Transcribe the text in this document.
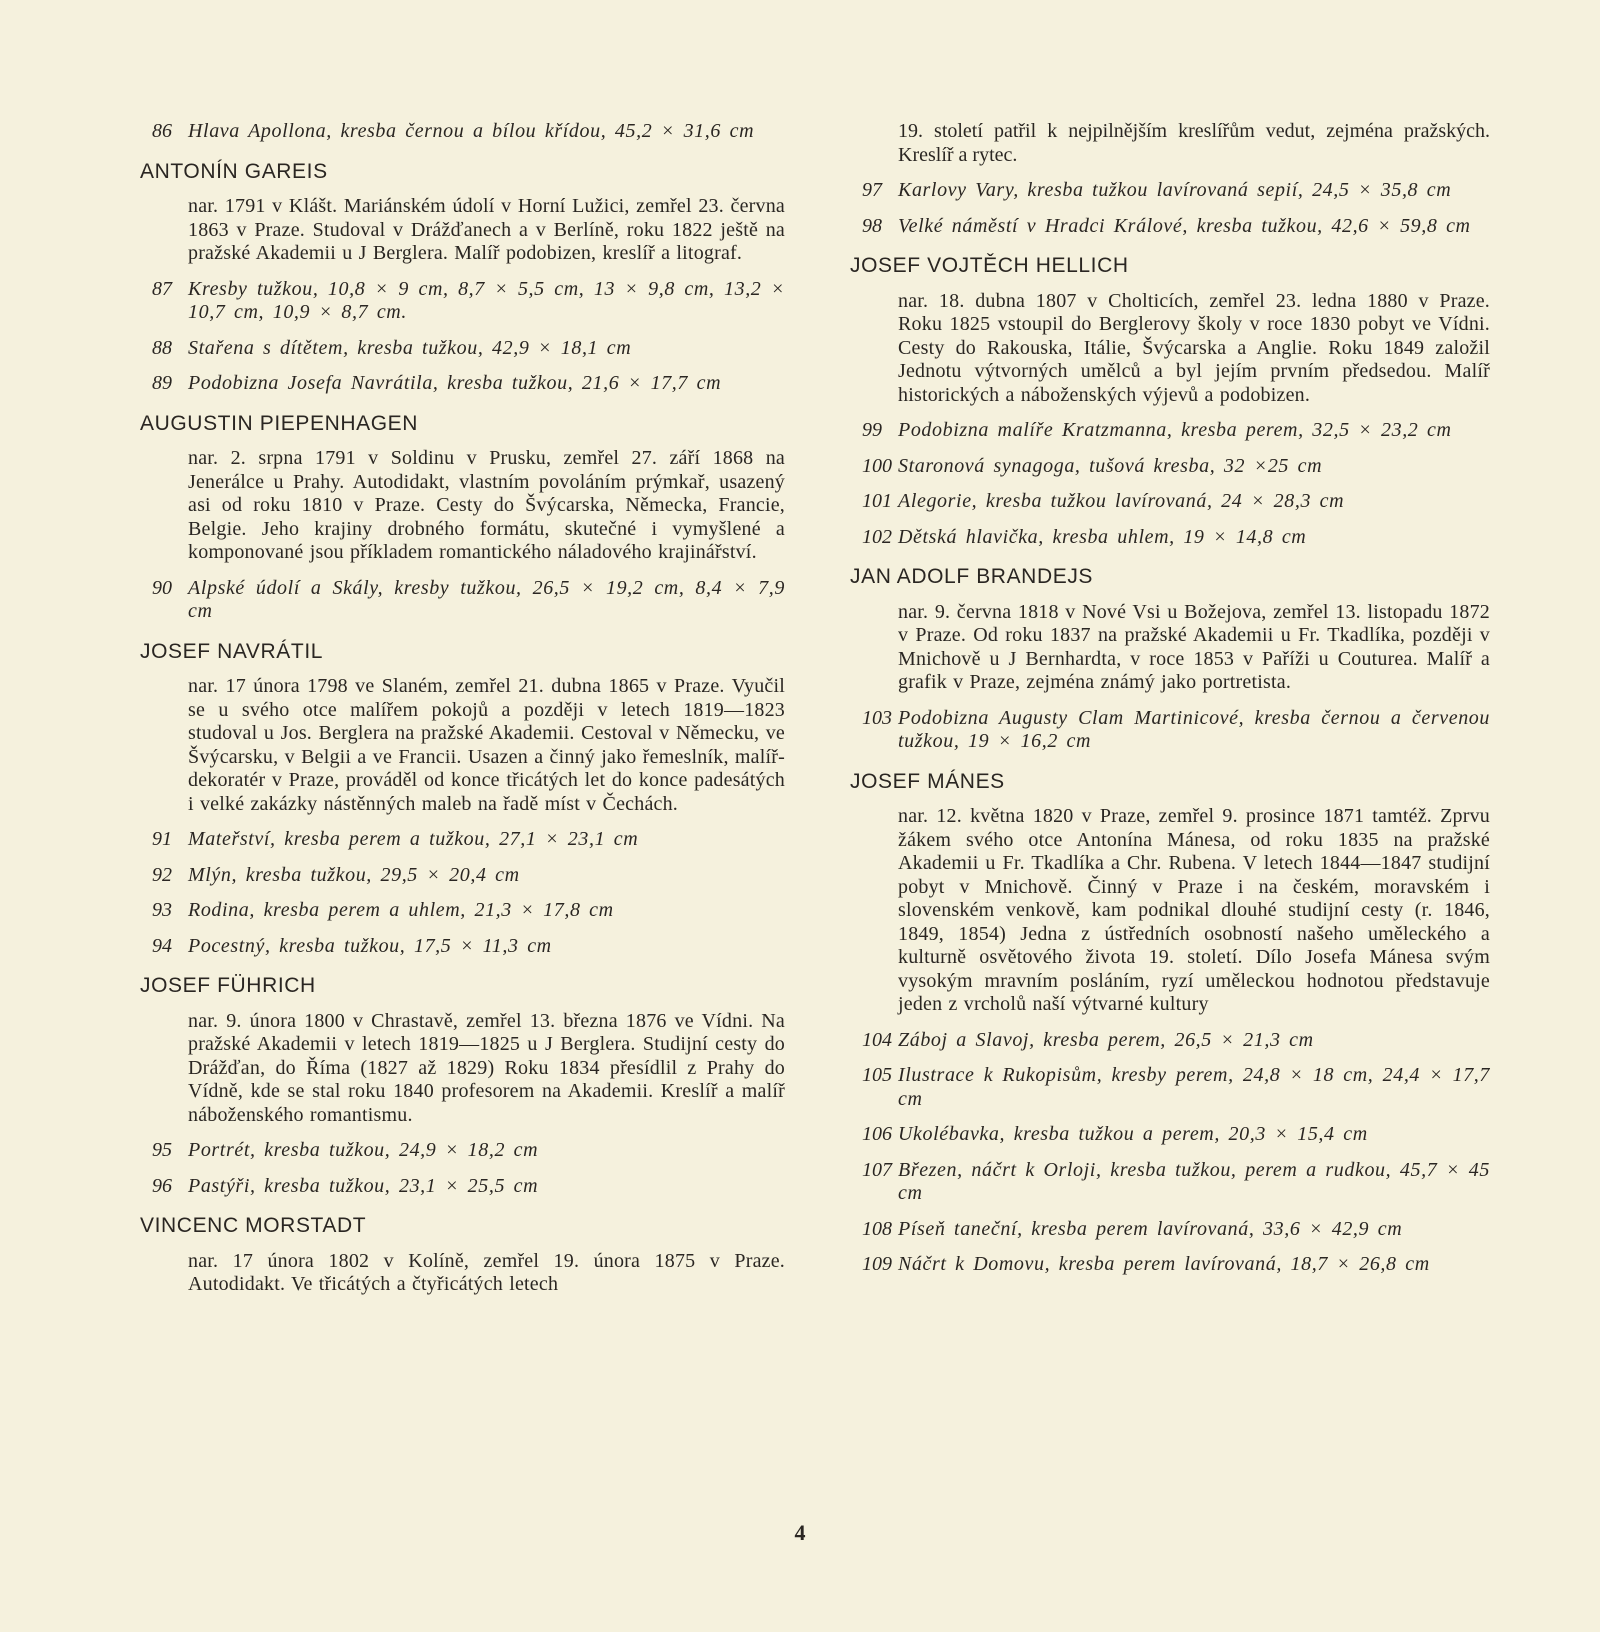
86 Hlava Apollona, kresba černou a bílou křídou, 45,2 × 31,6 cm
ANTONÍN GAREIS
nar. 1791 v Klášt. Mariánském údolí v Horní Lužici, zemřel 23. června 1863 v Praze. Studoval v Drážďanech a v Berlíně, roku 1822 ještě na pražské Akademii u J Berglera. Malíř podobizen, kreslíř a litograf.
87 Kresby tužkou, 10,8 × 9 cm, 8,7 × 5,5 cm, 13 × 9,8 cm, 13,2 × 10,7 cm, 10,9 × 8,7 cm.
88 Stařena s dítětem, kresba tužkou, 42,9 × 18,1 cm
89 Podobizna Josefa Navrátila, kresba tužkou, 21,6 × 17,7 cm
AUGUSTIN PIEPENHAGEN
nar. 2. srpna 1791 v Soldinu v Prusku, zemřel 27. září 1868 na Jenerálce u Prahy. Autodidakt, vlastním povoláním prýmkař, usazený asi od roku 1810 v Praze. Cesty do Švýcarska, Německa, Francie, Belgie. Jeho krajiny drobného formátu, skutečné i vymyšlené a komponované jsou příkladem romantického náladového krajinářství.
90 Alpské údolí a Skály, kresby tužkou, 26,5 × 19,2 cm, 8,4 × 7,9 cm
JOSEF NAVRÁTIL
nar. 17 února 1798 ve Slaném, zemřel 21. dubna 1865 v Praze. Vyučil se u svého otce malířem pokojů a později v letech 1819—1823 studoval u Jos. Berglera na pražské Akademii. Cestoval v Německu, ve Švýcarsku, v Belgii a ve Francii. Usazen a činný jako řemeslník, malíř-dekoratér v Praze, prováděl od konce třicátých let do konce padesátých i velké zakázky nástěnných maleb na řadě míst v Čechách.
91 Mateřství, kresba perem a tužkou, 27,1 × 23,1 cm
92 Mlýn, kresba tužkou, 29,5 × 20,4 cm
93 Rodina, kresba perem a uhlem, 21,3 × 17,8 cm
94 Pocestný, kresba tužkou, 17,5 × 11,3 cm
JOSEF FÜHRICH
nar. 9. února 1800 v Chrastavě, zemřel 13. března 1876 ve Vídni. Na pražské Akademii v letech 1819—1825 u J Berglera. Studijní cesty do Drážďan, do Říma (1827 až 1829) Roku 1834 přesídlil z Prahy do Vídně, kde se stal roku 1840 profesorem na Akademii. Kreslíř a malíř náboženského romantismu.
95 Portrét, kresba tužkou, 24,9 × 18,2 cm
96 Pastýři, kresba tužkou, 23,1 × 25,5 cm
VINCENC MORSTADT
nar. 17 února 1802 v Kolíně, zemřel 19. února 1875 v Praze. Autodidakt. Ve třicátých a čtyřicátých letech
19. století patřil k nejpilnějším kreslířům vedut, zejména pražských. Kreslíř a rytec.
97 Karlovy Vary, kresba tužkou lavírovaná sepií, 24,5 × 35,8 cm
98 Velké náměstí v Hradci Králové, kresba tužkou, 42,6 × 59,8 cm
JOSEF VOJTĚCH HELLICH
nar. 18. dubna 1807 v Cholticích, zemřel 23. ledna 1880 v Praze. Roku 1825 vstoupil do Berglerovy školy v roce 1830 pobyt ve Vídni. Cesty do Rakouska, Itálie, Švýcarska a Anglie. Roku 1849 založil Jednotu výtvorných umělců a byl jejím prvním předsedou. Malíř historických a náboženských výjevů a podobizen.
99 Podobizna malíře Kratzmanna, kresba perem, 32,5 × 23,2 cm
100 Staronová synagoga, tušová kresba, 32 ×25 cm
101 Alegorie, kresba tužkou lavírovaná, 24 × 28,3 cm
102 Dětská hlavička, kresba uhlem, 19 × 14,8 cm
JAN ADOLF BRANDEJS
nar. 9. června 1818 v Nové Vsi u Božejova, zemřel 13. listopadu 1872 v Praze. Od roku 1837 na pražské Akademii u Fr. Tkadlíka, později v Mnichově u J Bernhardta, v roce 1853 v Paříži u Couturea. Malíř a grafik v Praze, zejména známý jako portretista.
103 Podobizna Augusty Clam Martinicové, kresba černou a červenou tužkou, 19 × 16,2 cm
JOSEF MÁNES
nar. 12. května 1820 v Praze, zemřel 9. prosince 1871 tamtéž. Zprvu žákem svého otce Antonína Mánesa, od roku 1835 na pražské Akademii u Fr. Tkadlíka a Chr. Rubena. V letech 1844—1847 studijní pobyt v Mnichově. Činný v Praze i na českém, moravském i slovenském venkově, kam podnikal dlouhé studijní cesty (r. 1846, 1849, 1854) Jedna z ústředních osobností našeho uměleckého a kulturně osvětového života 19. století. Dílo Josefa Mánesa svým vysokým mravním posláním, ryzí uměleckou hodnotou představuje jeden z vrcholů naší výtvarné kultury
104 Záboj a Slavoj, kresba perem, 26,5 × 21,3 cm
105 Ilustrace k Rukopisům, kresby perem, 24,8 × 18 cm, 24,4 × 17,7 cm
106 Ukolébavka, kresba tužkou a perem, 20,3 × 15,4 cm
107 Březen, náčrt k Orloji, kresba tužkou, perem a rudkou, 45,7 × 45 cm
108 Píseň taneční, kresba perem lavírovaná, 33,6 × 42,9 cm
109 Náčrt k Domovu, kresba perem lavírovaná, 18,7 × 26,8 cm
4
